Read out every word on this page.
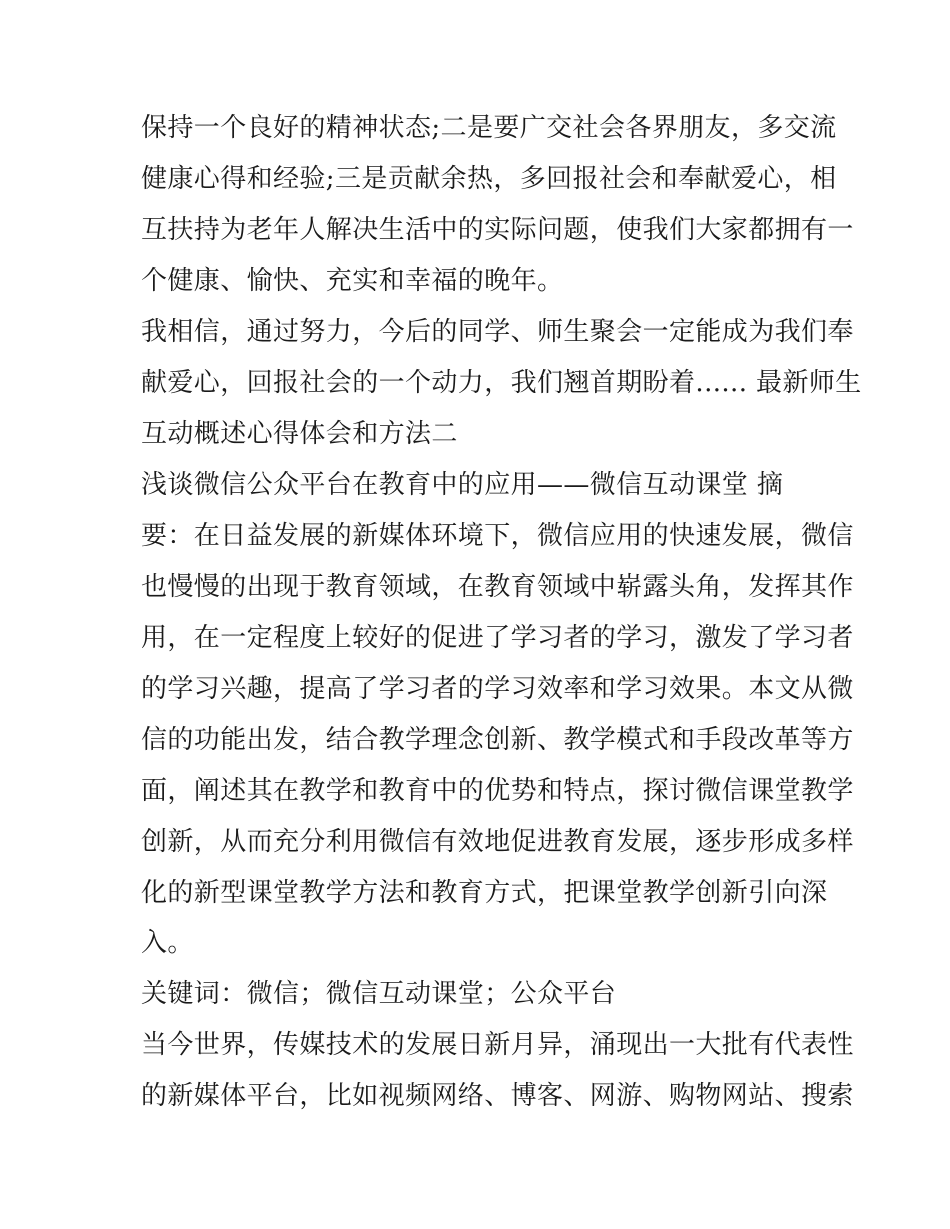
保持一个良好的精神状态;二是要广交社会各界朋友，多交流
健康心得和经验;三是贡献余热，多回报社会和奉献爱心，相
互扶持为老年人解决生活中的实际问题，使我们大家都拥有一
个健康、愉快、充实和幸福的晚年。
我相信，通过努力，今后的同学、师生聚会一定能成为我们奉
献爱心，回报社会的一个动力，我们翘首期盼着...... 最新师生
互动概述心得体会和方法二
浅谈微信公众平台在教育中的应用——微信互动课堂 摘
要：在日益发展的新媒体环境下，微信应用的快速发展，微信
也慢慢的出现于教育领域，在教育领域中崭露头角，发挥其作
用，在一定程度上较好的促进了学习者的学习，激发了学习者
的学习兴趣，提高了学习者的学习效率和学习效果。本文从微
信的功能出发，结合教学理念创新、教学模式和手段改革等方
面，阐述其在教学和教育中的优势和特点，探讨微信课堂教学
创新，从而充分利用微信有效地促进教育发展，逐步形成多样
化的新型课堂教学方法和教育方式，把课堂教学创新引向深
入。
关键词：微信；微信互动课堂；公众平台
当今世界，传媒技术的发展日新月异，涌现出一大批有代表性
的新媒体平台，比如视频网络、博客、网游、购物网站、搜索
